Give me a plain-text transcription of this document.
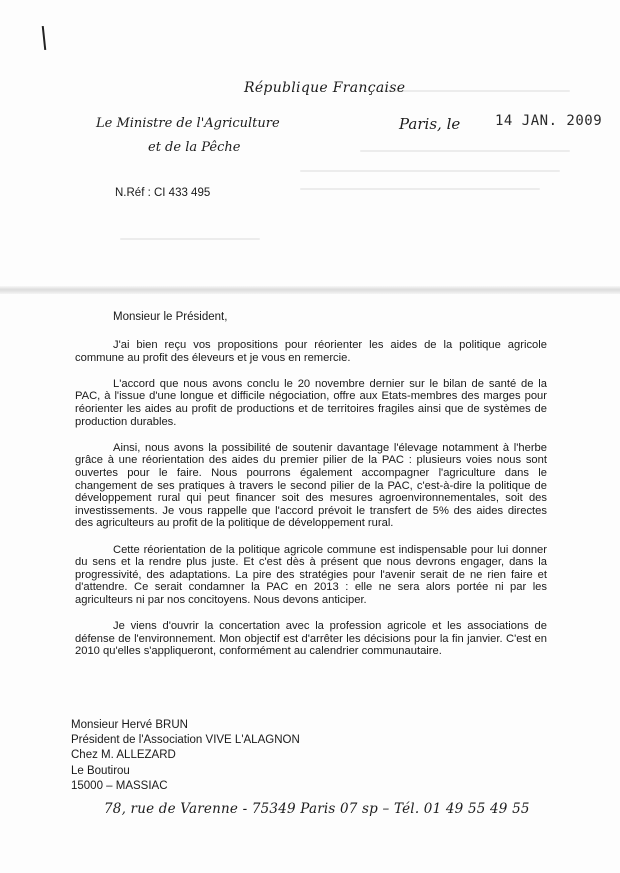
République Française
Le Ministre de l'Agriculture
et de la Pêche
Paris, le 14 JAN. 2009
N.Réf : CI 433 495
Monsieur le Président,

J'ai bien reçu vos propositions pour réorienter les aides de la politique agricole commune au profit des éleveurs et je vous en remercie.

L'accord que nous avons conclu le 20 novembre dernier sur le bilan de santé de la PAC, à l'issue d'une longue et difficile négociation, offre aux Etats-membres des marges pour réorienter les aides au profit de productions et de territoires fragiles ainsi que de systèmes de production durables.

Ainsi, nous avons la possibilité de soutenir davantage l'élevage notamment à l'herbe grâce à une réorientation des aides du premier pilier de la PAC : plusieurs voies nous sont ouvertes pour le faire. Nous pourrons également accompagner l'agriculture dans le changement de ses pratiques à travers le second pilier de la PAC, c'est-à-dire la politique de développement rural qui peut financer soit des mesures agroenvironnementales, soit des investissements. Je vous rappelle que l'accord prévoit le transfert de 5% des aides directes des agriculteurs au profit de la politique de développement rural.

Cette réorientation de la politique agricole commune est indispensable pour lui donner du sens et la rendre plus juste. Et c'est dès à présent que nous devrons engager, dans la progressivité, des adaptations. La pire des stratégies pour l'avenir serait de ne rien faire et d'attendre. Ce serait condamner la PAC en 2013 : elle ne sera alors portée ni par les agriculteurs ni par nos concitoyens. Nous devons anticiper.

Je viens d'ouvrir la concertation avec la profession agricole et les associations de défense de l'environnement. Mon objectif est d'arrêter les décisions pour la fin janvier. C'est en 2010 qu'elles s'appliqueront, conformément au calendrier communautaire.

Monsieur Hervé BRUN
Président de l'Association VIVE L'ALAGNON
Chez M. ALLEZARD
Le Boutirou
15000 – MASSIAC
78, rue de Varenne - 75349 Paris 07 sp – Tél. 01 49 55 49 55
